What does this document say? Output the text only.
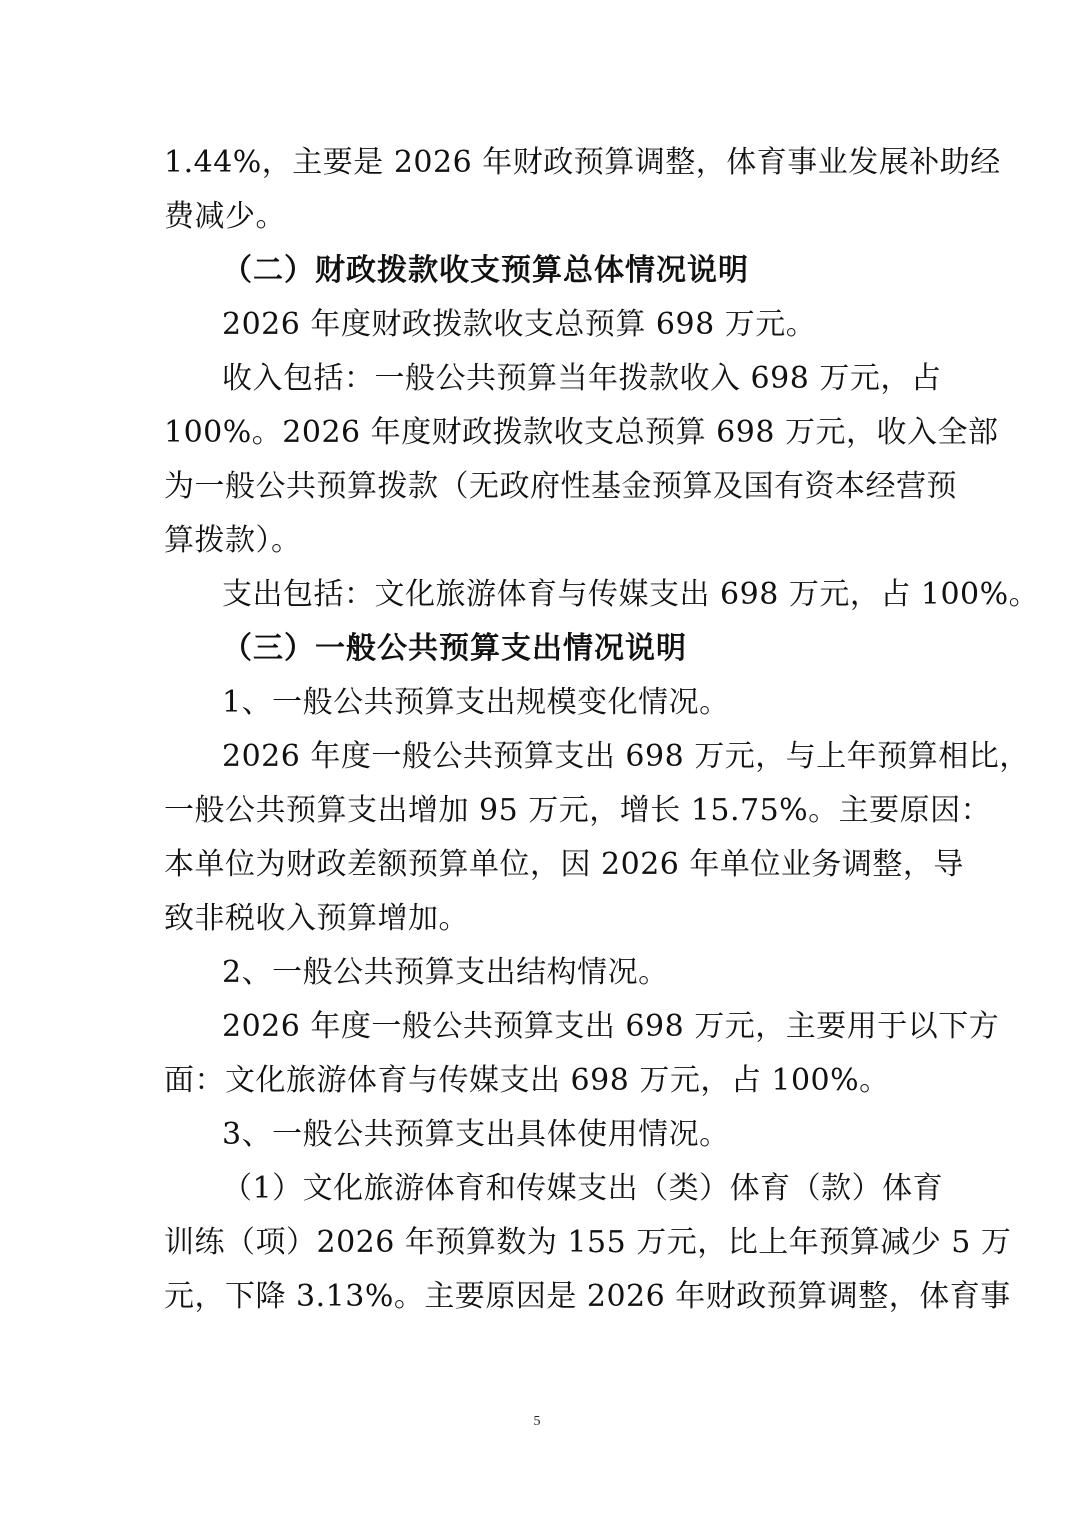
1.44%，主要是 2026 年财政预算调整，体育事业发展补助经
费减少。
（二）财政拨款收支预算总体情况说明
2026 年度财政拨款收支总预算 698 万元。
收入包括：一般公共预算当年拨款收入 698 万元，占
100%。2026 年度财政拨款收支总预算 698 万元，收入全部
为一般公共预算拨款（无政府性基金预算及国有资本经营预
算拨款）。
支出包括：文化旅游体育与传媒支出 698 万元，占 100%。
（三）一般公共预算支出情况说明
1、一般公共预算支出规模变化情况。
2026 年度一般公共预算支出 698 万元，与上年预算相比，
一般公共预算支出增加 95 万元，增长 15.75%。主要原因：
本单位为财政差额预算单位，因 2026 年单位业务调整，导
致非税收入预算增加。
2、一般公共预算支出结构情况。
2026 年度一般公共预算支出 698 万元，主要用于以下方
面：文化旅游体育与传媒支出 698 万元，占 100%。
3、一般公共预算支出具体使用情况。
（1）文化旅游体育和传媒支出（类）体育（款）体育
训练（项）2026 年预算数为 155 万元，比上年预算减少 5 万
元，下降 3.13%。主要原因是 2026 年财政预算调整，体育事
5
